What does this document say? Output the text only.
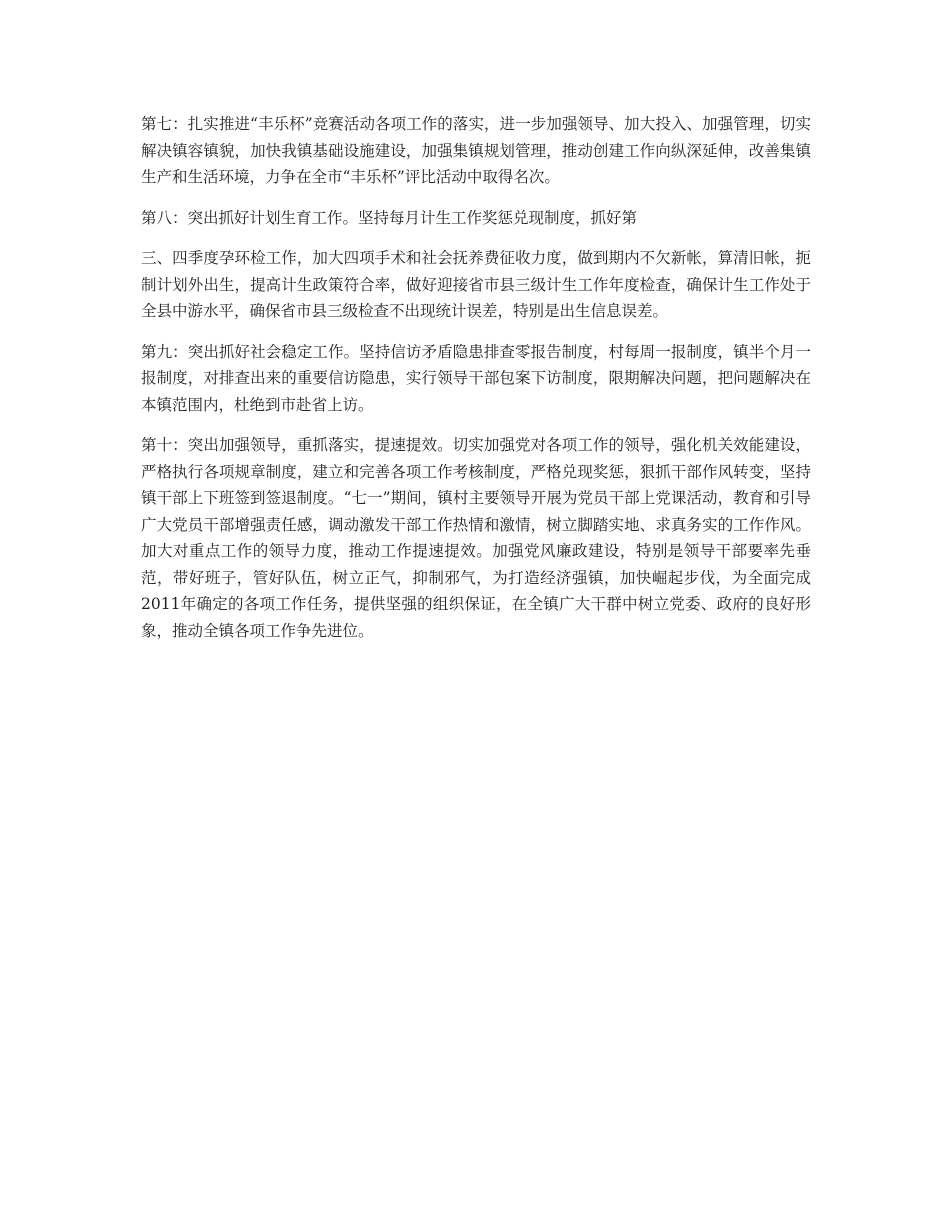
第七：扎实推进“丰乐杯”竞赛活动各项工作的落实，进一步加强领导、加大投入、加强管理，切实解决镇容镇貌，加快我镇基础设施建设，加强集镇规划管理，推动创建工作向纵深延伸，改善集镇生产和生活环境，力争在全市“丰乐杯”评比活动中取得名次。

第八：突出抓好计划生育工作。坚持每月计生工作奖惩兑现制度，抓好第

三、四季度孕环检工作，加大四项手术和社会抚养费征收力度，做到期内不欠新帐，算清旧帐，扼制计划外出生，提高计生政策符合率，做好迎接省市县三级计生工作年度检查，确保计生工作处于全县中游水平，确保省市县三级检查不出现统计误差，特别是出生信息误差。

第九：突出抓好社会稳定工作。坚持信访矛盾隐患排查零报告制度，村每周一报制度，镇半个月一报制度，对排查出来的重要信访隐患，实行领导干部包案下访制度，限期解决问题，把问题解决在本镇范围内，杜绝到市赴省上访。

第十：突出加强领导，重抓落实，提速提效。切实加强党对各项工作的领导，强化机关效能建设，严格执行各项规章制度，建立和完善各项工作考核制度，严格兑现奖惩，狠抓干部作风转变，坚持镇干部上下班签到签退制度。“七一”期间，镇村主要领导开展为党员干部上党课活动，教育和引导广大党员干部增强责任感，调动激发干部工作热情和激情，树立脚踏实地、求真务实的工作作风。加大对重点工作的领导力度，推动工作提速提效。加强党风廉政建设，特别是领导干部要率先垂范，带好班子，管好队伍，树立正气，抑制邪气，为打造经济强镇，加快崛起步伐，为全面完成2011年确定的各项工作任务，提供坚强的组织保证，在全镇广大干群中树立党委、政府的良好形象，推动全镇各项工作争先进位。
